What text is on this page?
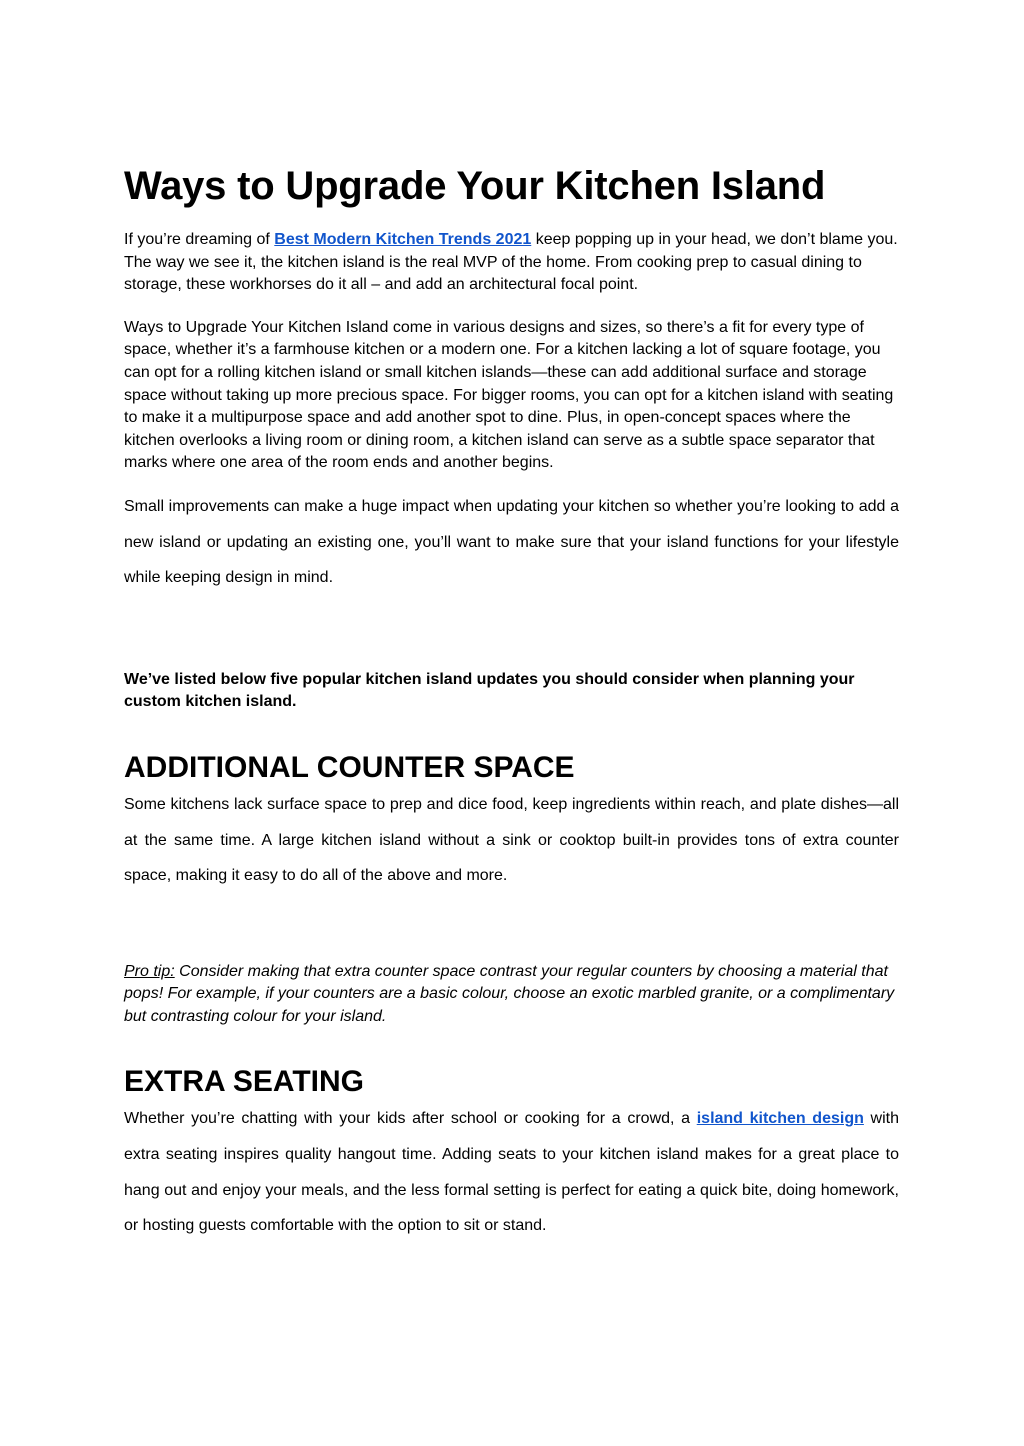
Ways to Upgrade Your Kitchen Island

If you’re dreaming of Best Modern Kitchen Trends 2021 keep popping up in your head, we don’t blame you. The way we see it, the kitchen island is the real MVP of the home. From cooking prep to casual dining to storage, these workhorses do it all – and add an architectural focal point.

Ways to Upgrade Your Kitchen Island come in various designs and sizes, so there’s a fit for every type of space, whether it’s a farmhouse kitchen or a modern one. For a kitchen lacking a lot of square footage, you can opt for a rolling kitchen island or small kitchen islands—these can add additional surface and storage space without taking up more precious space. For bigger rooms, you can opt for a kitchen island with seating to make it a multipurpose space and add another spot to dine. Plus, in open-concept spaces where the kitchen overlooks a living room or dining room, a kitchen island can serve as a subtle space separator that marks where one area of the room ends and another begins.

Small improvements can make a huge impact when updating your kitchen so whether you’re looking to add a new island or updating an existing one, you’ll want to make sure that your island functions for your lifestyle while keeping design in mind.

We’ve listed below five popular kitchen island updates you should consider when planning your custom kitchen island.

ADDITIONAL COUNTER SPACE

Some kitchens lack surface space to prep and dice food, keep ingredients within reach, and plate dishes—all at the same time. A large kitchen island without a sink or cooktop built-in provides tons of extra counter space, making it easy to do all of the above and more.

Pro tip: Consider making that extra counter space contrast your regular counters by choosing a material that pops! For example, if your counters are a basic colour, choose an exotic marbled granite, or a complimentary but contrasting colour for your island.

EXTRA SEATING

Whether you’re chatting with your kids after school or cooking for a crowd, a island kitchen design with extra seating inspires quality hangout time. Adding seats to your kitchen island makes for a great place to hang out and enjoy your meals, and the less formal setting is perfect for eating a quick bite, doing homework, or hosting guests comfortable with the option to sit or stand.
